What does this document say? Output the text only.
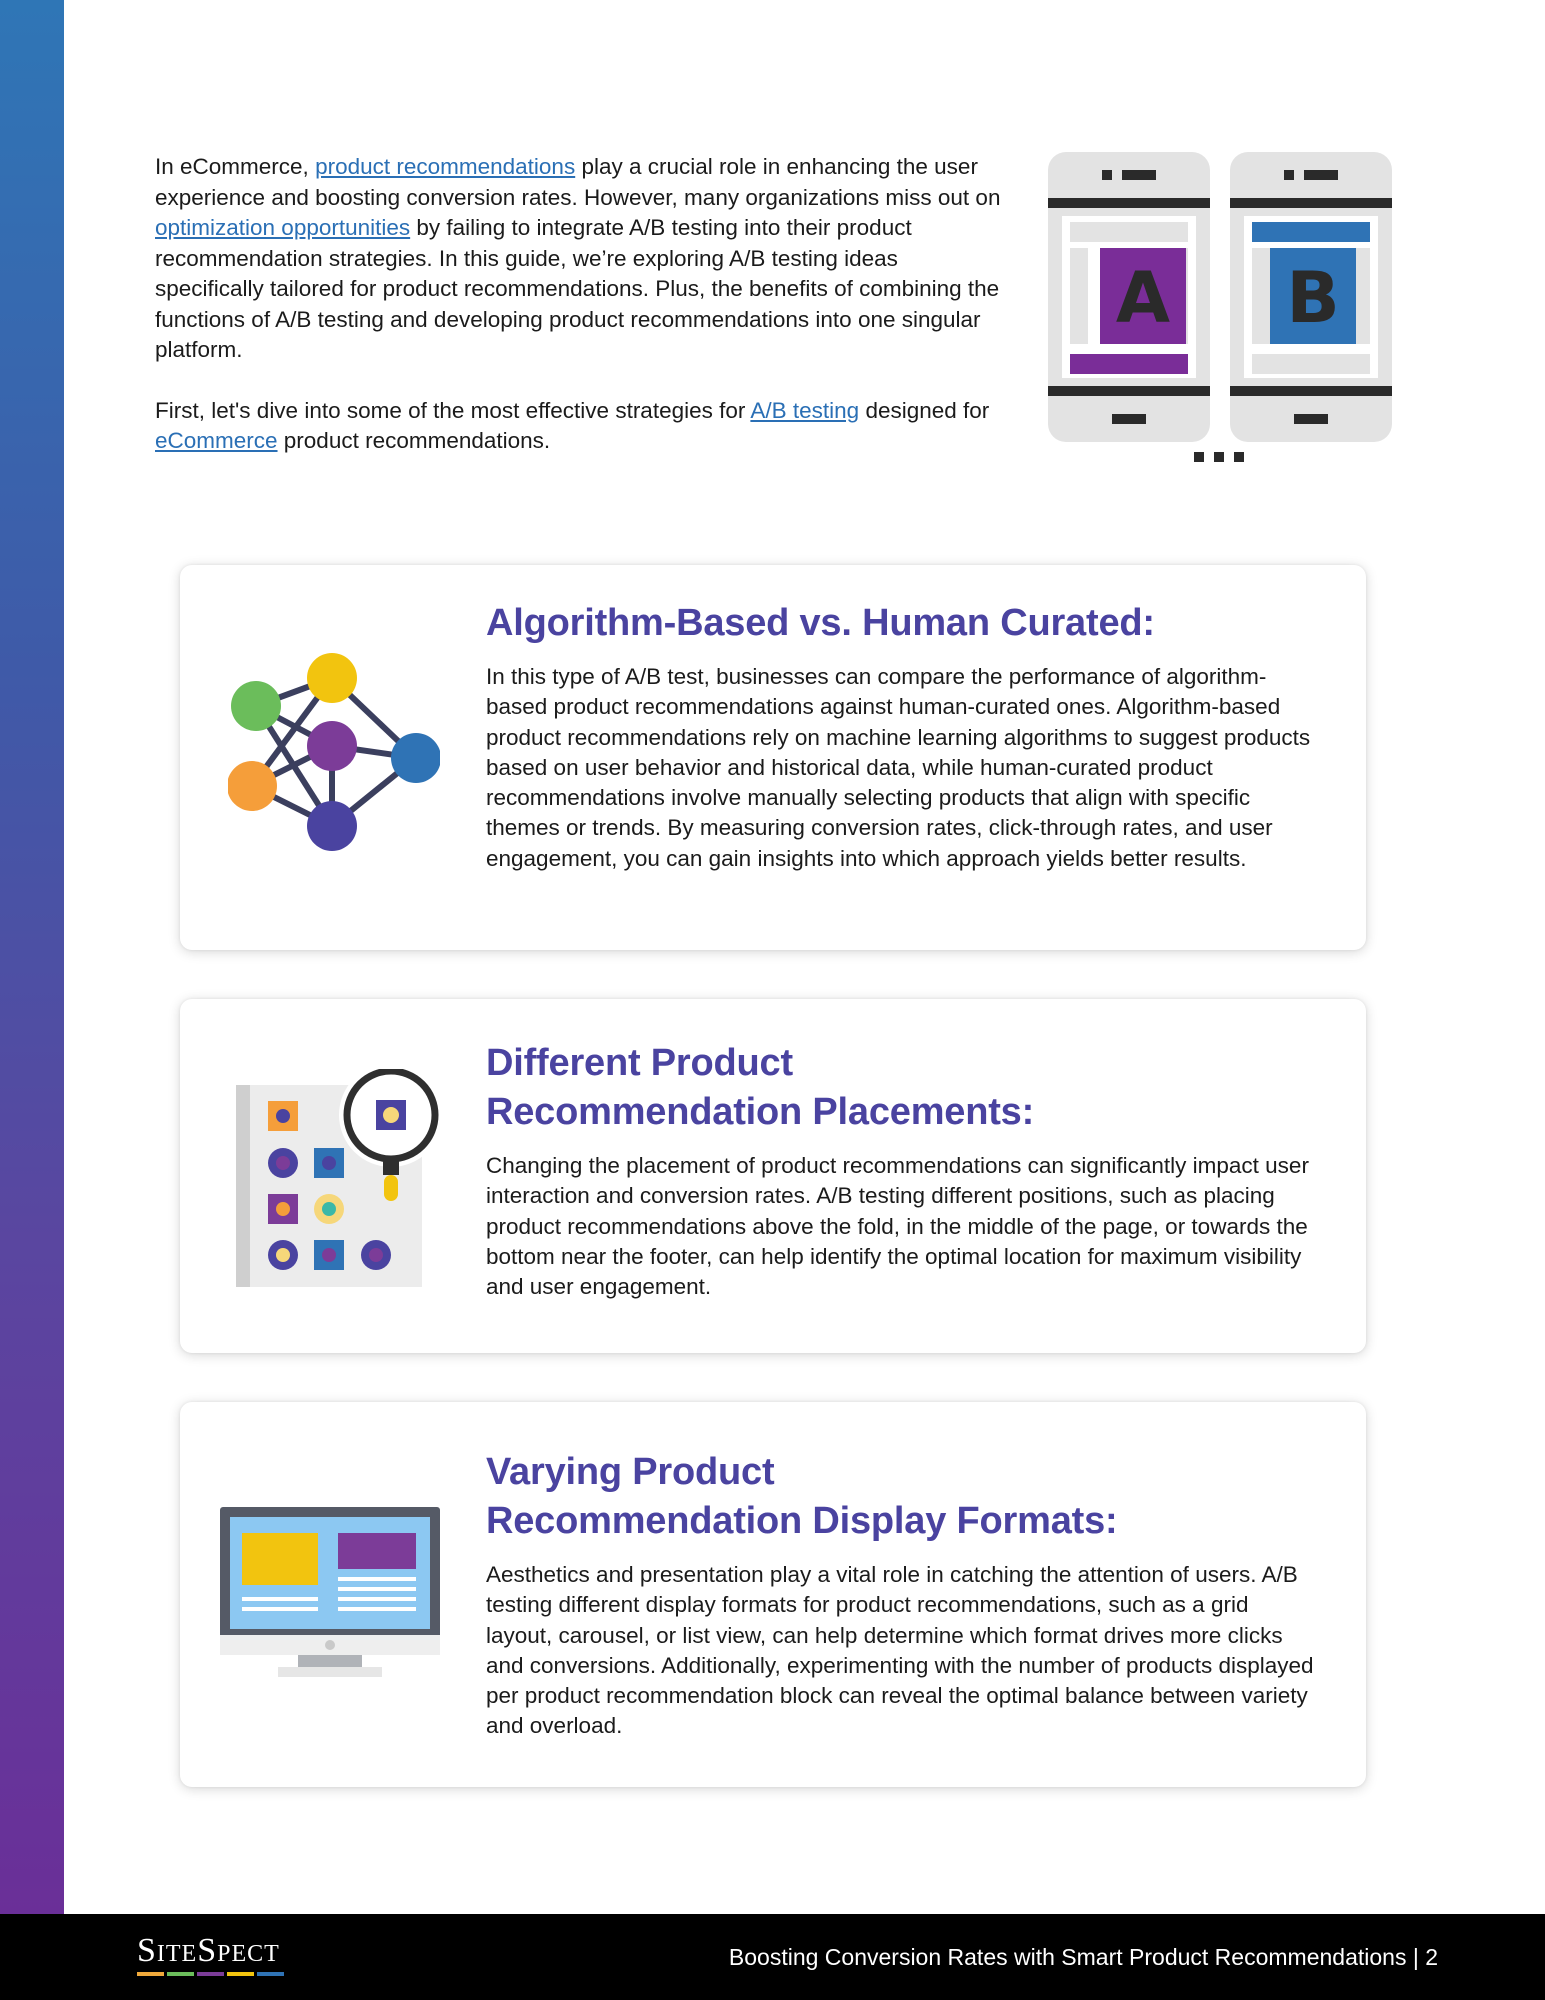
In eCommerce, product recommendations play a crucial role in enhancing the user experience and boosting conversion rates. However, many organizations miss out on optimization opportunities by failing to integrate A/B testing into their product recommendation strategies. In this guide, we’re exploring A/B testing ideas specifically tailored for product recommendations. Plus, the benefits of combining the functions of A/B testing and developing product recommendations into one singular platform.

First, let's dive into some of the most effective strategies for A/B testing designed for eCommerce product recommendations.

A B
Algorithm-Based vs. Human Curated:

In this type of A/B test, businesses can compare the performance of algorithm-based product recommendations against human-curated ones. Algorithm-based product recommendations rely on machine learning algorithms to suggest products based on user behavior and historical data, while human-curated product recommendations involve manually selecting products that align with specific themes or trends. By measuring conversion rates, click-through rates, and user engagement, you can gain insights into which approach yields better results.

Different Product
Recommendation Placements:

Changing the placement of product recommendations can significantly impact user interaction and conversion rates. A/B testing different positions, such as placing product recommendations above the fold, in the middle of the page, or towards the bottom near the footer, can help identify the optimal location for maximum visibility and user engagement.

Varying Product
Recommendation Display Formats:

Aesthetics and presentation play a vital role in catching the attention of users. A/B testing different display formats for product recommendations, such as a grid layout, carousel, or list view, can help determine which format drives more clicks and conversions. Additionally, experimenting with the number of products displayed per product recommendation block can reveal the optimal balance between variety and overload.

SiteSpect	Boosting Conversion Rates with Smart Product Recommendations | 2
